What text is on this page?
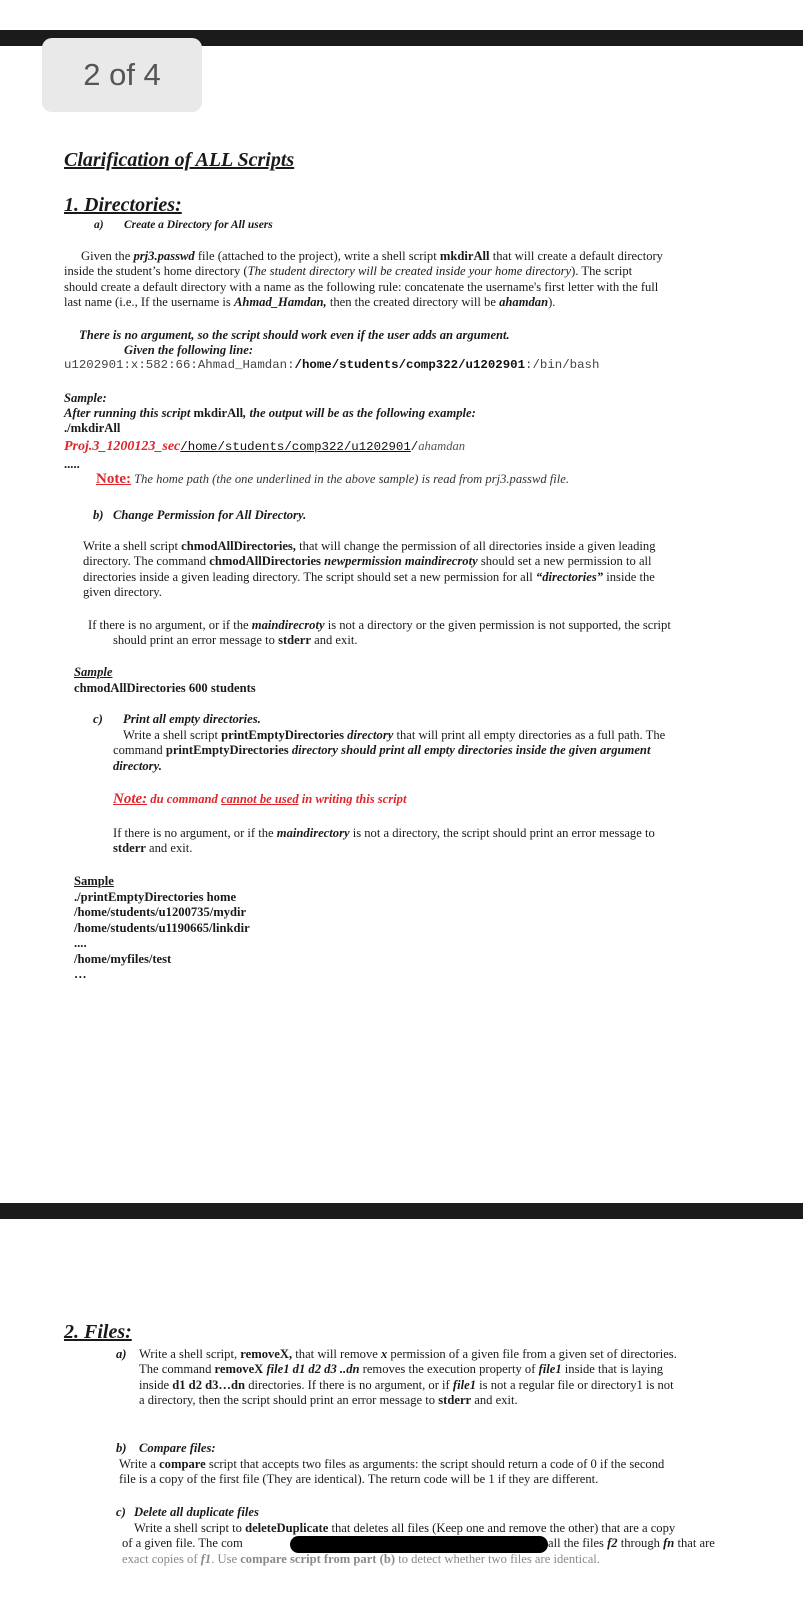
2 of 4
Clarification of ALL Scripts
1. Directories:
a) Create a Directory for All users
Given the prj3.passwd file (attached to the project), write a shell script mkdirAll that will create a default directory
inside the student’s home directory (The student directory will be created inside your home directory). The script
should create a default directory with a name as the following rule: concatenate the username's first letter with the full
last name (i.e., If the username is Ahmad_Hamdan, then the created directory will be ahamdan).
There is no argument, so the script should work even if the user adds an argument.
Given the following line:
u1202901:x:582:66:Ahmad_Hamdan:/home/students/comp322/u1202901:/bin/bash
Sample:
After running this script mkdirAll, the output will be as the following example:
./mkdirAll
Proj.3_1200123_sec/home/students/comp322/u1202901/ahamdan
.....
Note: The home path (the one underlined in the above sample) is read from prj3.passwd file.
b) Change Permission for All Directory.
Write a shell script chmodAllDirectories, that will change the permission of all directories inside a given leading
directory. The command chmodAllDirectories newpermission maindirecroty should set a new permission to all
directories inside a given leading directory. The script should set a new permission for all “directories” inside the
given directory.
If there is no argument, or if the maindirecroty is not a directory or the given permission is not supported, the script
should print an error message to stderr and exit.
Sample
chmodAllDirectories 600 students
c) Print all empty directories.
Write a shell script printEmptyDirectories directory that will print all empty directories as a full path. The
command printEmptyDirectories directory should print all empty directories inside the given argument
directory.
Note: du command cannot be used in writing this script
If there is no argument, or if the maindirectory is not a directory, the script should print an error message to
stderr and exit.
Sample
./printEmptyDirectories home
/home/students/u1200735/mydir
/home/students/u1190665/linkdir
....
/home/myfiles/test
…
2. Files:
a) Write a shell script, removeX, that will remove x permission of a given file from a given set of directories.
The command removeX file1 d1 d2 d3 ..dn removes the execution property of file1 inside that is laying
inside d1 d2 d3…dn directories. If there is no argument, or if file1 is not a regular file or directory1 is not
a directory, then the script should print an error message to stderr and exit.
b) Compare files:
Write a compare script that accepts two files as arguments: the script should return a code of 0 if the second
file is a copy of the first file (They are identical). The return code will be 1 if they are different.
c) Delete all duplicate files
Write a shell script to deleteDuplicate that deletes all files (Keep one and remove the other) that are a copy
of a given file. The com	all the files f2 through fn that are
exact copies of f1. Use compare script from part (b) to detect whether two files are identical.
